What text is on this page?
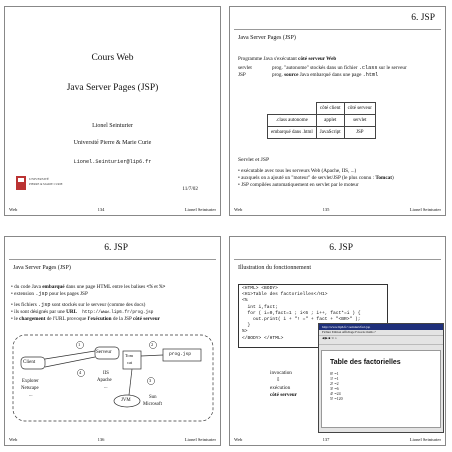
Cours Web
Java Server Pages (JSP)
Lionel Seinturier
Université Pierre & Marie Curie
Lionel.Seinturier@lip6.fr
UNIVERSITÉ
PIERRE & MARIE CURIE
11/7/02
Web	134	Lionel Seinturier
6. JSP
Java Server Pages (JSP)
Programme Java s'exécutant côté serveur Web
servlet	prog. "autonome" stockés dans un fichier .class sur le serveur
JSP	prog. source Java embarqué dans une page .html
	côté client	côté serveur
.class autonome	applet	servlet
embarqué dans .html	JavaScript	JSP
Servlet et JSP
• exécutable avec tous les serveurs Web (Apache, IIS, ...)
• auxquels on a ajouté un "moteur" de servlet/JSP (le plus connu : Tomcat)
• JSP compilées automatiquement en servlet par le moteur
Web	135	Lionel Seinturier
6. JSP
Java Server Pages (JSP)
• du code Java embarqué dans une page HTML entre les balises <% et %>
• extension .jsp pour les pages JSP
• les fichiers .jsp sont stockés sur le serveur (comme des docs)
• ils sont désignés par une URL http://www.lip6.fr/prog.jsp
• le chargement de l'URL provoque l'exécution de la JSP côté serveur
1
4
2
3
Client
Explorer
Netscape
...
Serveur
IIS
Apache
...
Tom
cat
prog.jsp
JVM
Sun
Microsoft
Web	136	Lionel Seinturier
6. JSP
Illustration du fonctionnement
<HTML> <BODY>
<H1>Table des factorielles</H1>
<%
int i,fact;
for ( i=0,fact=1 ; i<6 ; i++, fact*=i ) {
out.print( i + "! =" + fact + "<BR>" );
}
%>
</BODY> </HTML>
invocation
⇩
exécution
côté serveur
http://www.lip6.fr/~seinturi/fact.jsp
Fichier Edition Affichage Favoris Outils ?
◀ ▶ ■ ↻ ⌂
Table des factorielles
0! =1
1! =1
2! =2
3! =6
4! =24
5! =120
Web	137	Lionel Seinturier
